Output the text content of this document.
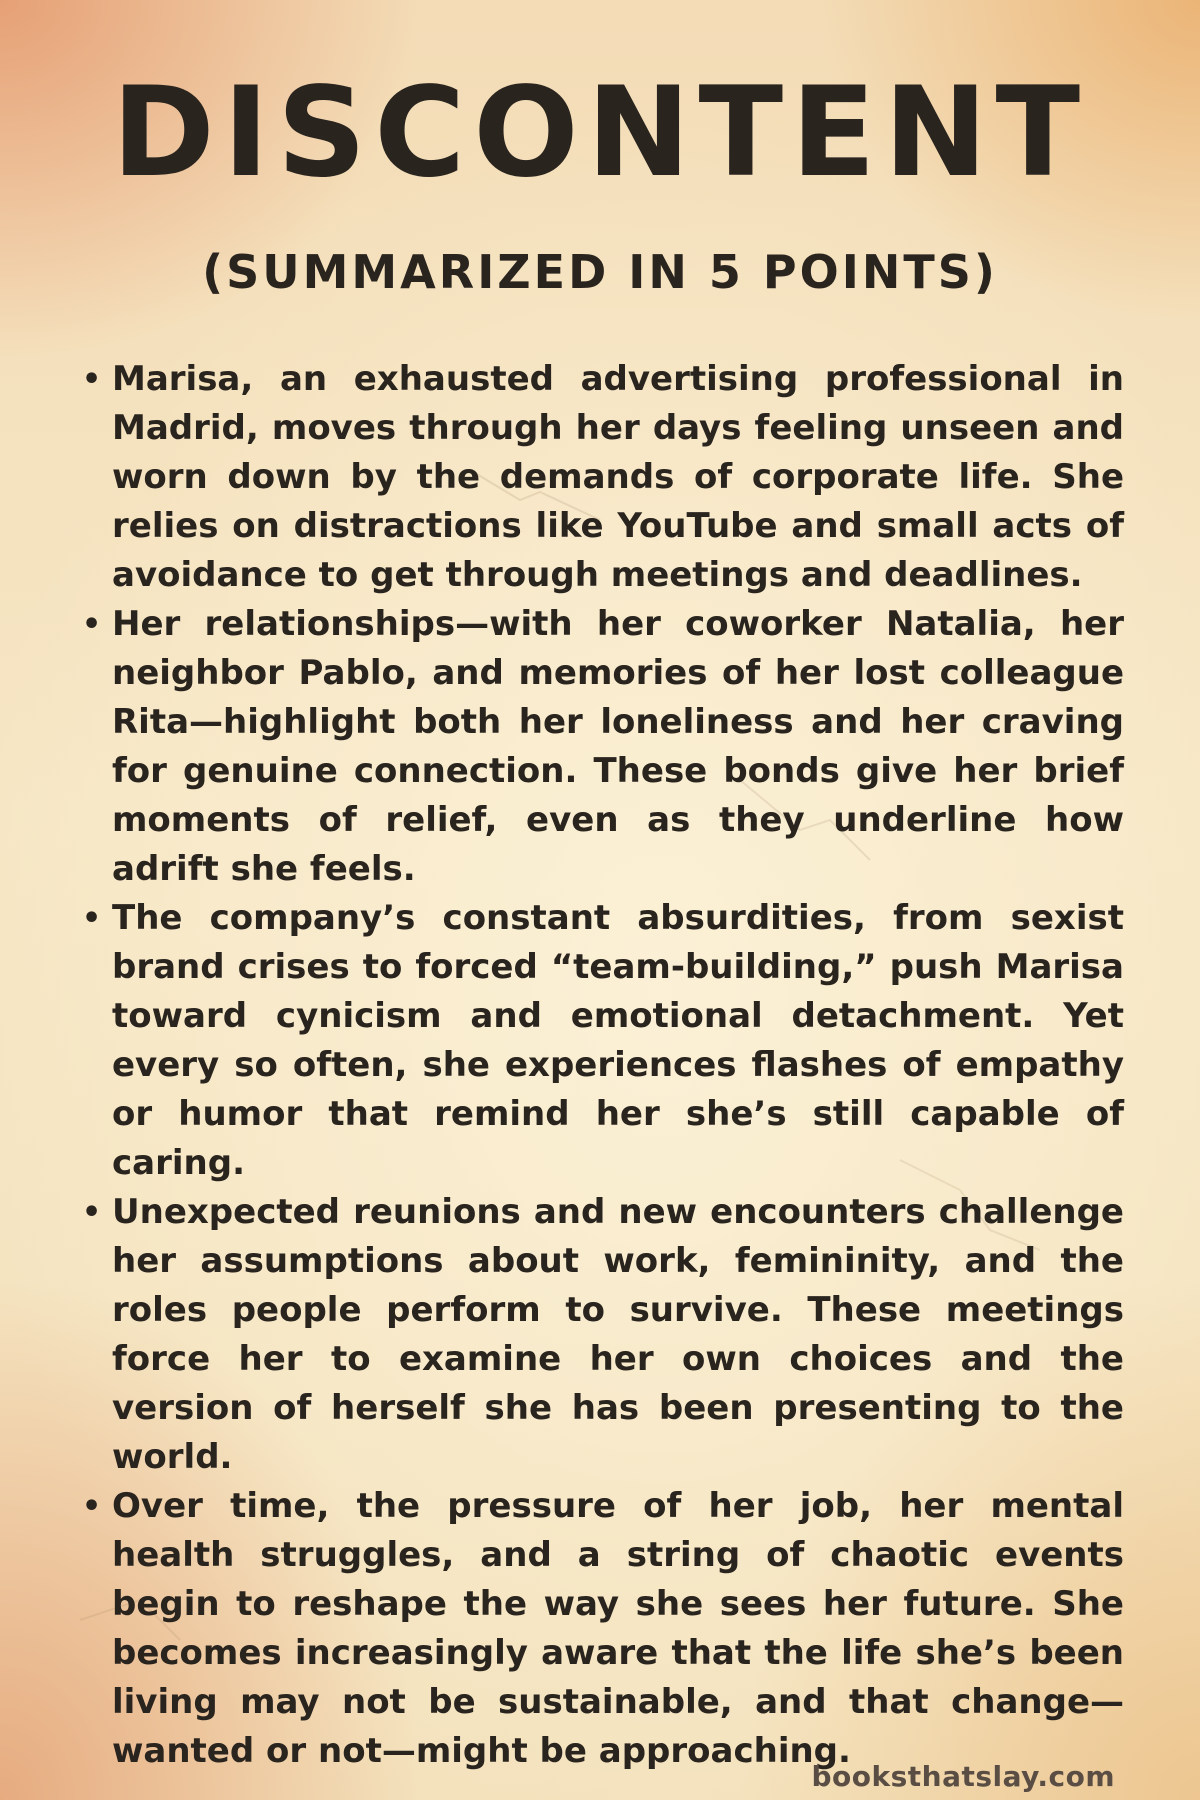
DISCONTENT
(SUMMARIZED IN 5 POINTS)
• Marisa, an exhausted advertising professional in Madrid, moves through her days feeling unseen and worn down by the demands of corporate life. She relies on distractions like YouTube and small acts of avoidance to get through meetings and deadlines.
• Her relationships—with her coworker Natalia, her neighbor Pablo, and memories of her lost colleague Rita—highlight both her loneliness and her craving for genuine connection. These bonds give her brief moments of relief, even as they underline how adrift she feels.
• The company’s constant absurdities, from sexist brand crises to forced “team-building,” push Marisa toward cynicism and emotional detachment. Yet every so often, she experiences flashes of empathy or humor that remind her she’s still capable of caring.
• Unexpected reunions and new encounters challenge her assumptions about work, femininity, and the roles people perform to survive. These meetings force her to examine her own choices and the version of herself she has been presenting to the world.
• Over time, the pressure of her job, her mental health struggles, and a string of chaotic events begin to reshape the way she sees her future. She becomes increasingly aware that the life she’s been living may not be sustainable, and that change—wanted or not—might be approaching.
booksthatslay.com
